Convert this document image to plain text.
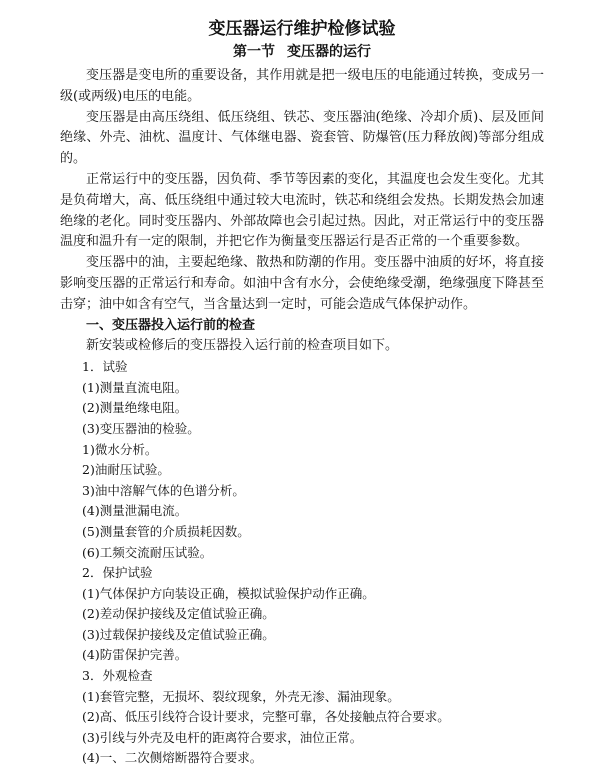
变压器运行维护检修试验
第一节 变压器的运行

变压器是变电所的重要设备，其作用就是把一级电压的电能通过转换，变成另一级(或两级)电压的电能。

变压器是由高压绕组、低压绕组、铁芯、变压器油(绝缘、冷却介质)、层及匝间绝缘、外壳、油枕、温度计、气体继电器、瓷套管、防爆管(压力释放阀)等部分组成的。

正常运行中的变压器，因负荷、季节等因素的变化，其温度也会发生变化。尤其是负荷增大，高、低压绕组中通过较大电流时，铁芯和绕组会发热。长期发热会加速绝缘的老化。同时变压器内、外部故障也会引起过热。因此，对正常运行中的变压器温度和温升有一定的限制，并把它作为衡量变压器运行是否正常的一个重要参数。

变压器中的油，主要起绝缘、散热和防潮的作用。变压器中油质的好坏，将直接影响变压器的正常运行和寿命。如油中含有水分，会使绝缘受潮，绝缘强度下降甚至击穿；油中如含有空气，当含量达到一定时，可能会造成气体保护动作。

一、变压器投入运行前的检查

新安装或检修后的变压器投入运行前的检查项目如下。

1．试验
(1)测量直流电阻。
(2)测量绝缘电阻。
(3)变压器油的检验。
1)微水分析。
2)油耐压试验。
3)油中溶解气体的色谱分析。
(4)测量泄漏电流。
(5)测量套管的介质损耗因数。
(6)工频交流耐压试验。
2．保护试验
(1)气体保护方向装设正确，模拟试验保护动作正确。
(2)差动保护接线及定值试验正确。
(3)过载保护接线及定值试验正确。
(4)防雷保护完善。
3．外观检查
(1)套管完整，无损坏、裂纹现象，外壳无渗、漏油现象。
(2)高、低压引线符合设计要求，完整可靠，各处接触点符合要求。
(3)引线与外壳及电杆的距离符合要求，油位正常。
(4)一、二次侧熔断器符合要求。
